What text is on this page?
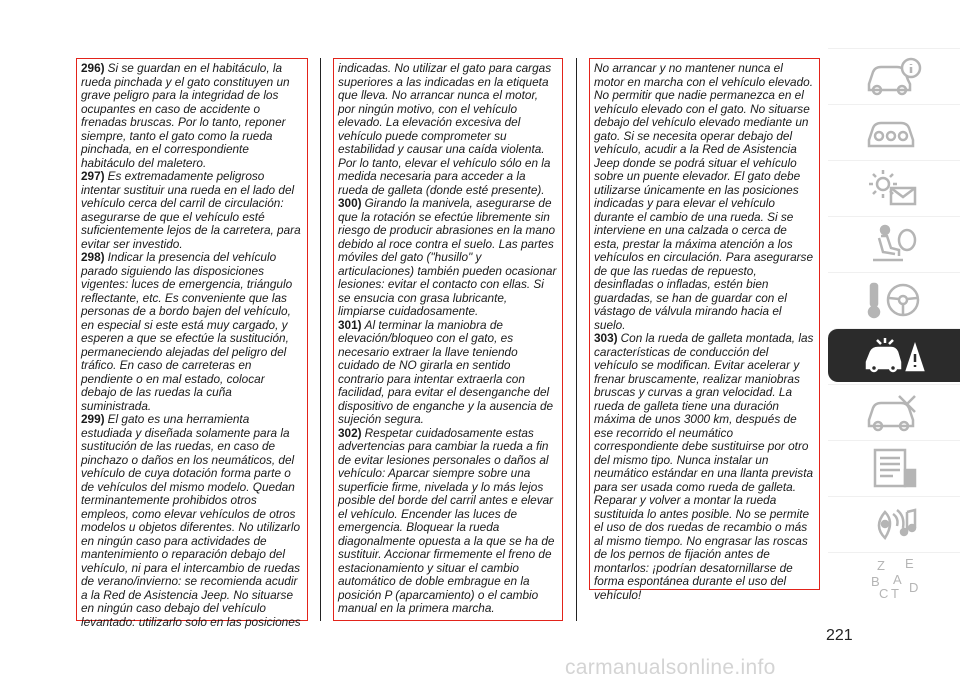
296) Si se guardan en el habitáculo, la rueda pinchada y el gato constituyen un grave peligro para la integridad de los ocupantes en caso de accidente o frenadas bruscas. Por lo tanto, reponer siempre, tanto el gato como la rueda pinchada, en el correspondiente habitáculo del maletero.

297) Es extremadamente peligroso intentar sustituir una rueda en el lado del vehículo cerca del carril de circulación: asegurarse de que el vehículo esté suficientemente lejos de la carretera, para evitar ser investido.

298) Indicar la presencia del vehículo parado siguiendo las disposiciones vigentes: luces de emergencia, triángulo reflectante, etc. Es conveniente que las personas de a bordo bajen del vehículo, en especial si este está muy cargado, y esperen a que se efectúe la sustitución, permaneciendo alejadas del peligro del tráfico. En caso de carreteras en pendiente o en mal estado, colocar debajo de las ruedas la cuña suministrada.

299) El gato es una herramienta estudiada y diseñada solamente para la sustitución de las ruedas, en caso de pinchazo o daños en los neumáticos, del vehículo de cuya dotación forma parte o de vehículos del mismo modelo. Quedan terminantemente prohibidos otros empleos, como elevar vehículos de otros modelos u objetos diferentes. No utilizarlo en ningún caso para actividades de mantenimiento o reparación debajo del vehículo, ni para el intercambio de ruedas de verano/invierno: se recomienda acudir a la Red de Asistencia Jeep. No situarse en ningún caso debajo del vehículo levantado: utilizarlo solo en las posiciones

indicadas. No utilizar el gato para cargas superiores a las indicadas en la etiqueta que lleva. No arrancar nunca el motor, por ningún motivo, con el vehículo elevado. La elevación excesiva del vehículo puede comprometer su estabilidad y causar una caída violenta. Por lo tanto, elevar el vehículo sólo en la medida necesaria para acceder a la rueda de galleta (donde esté presente).

300) Girando la manivela, asegurarse de que la rotación se efectúe libremente sin riesgo de producir abrasiones en la mano debido al roce contra el suelo. Las partes móviles del gato ("husillo" y articulaciones) también pueden ocasionar lesiones: evitar el contacto con ellas. Si se ensucia con grasa lubricante, limpiarse cuidadosamente.

301) Al terminar la maniobra de elevación/bloqueo con el gato, es necesario extraer la llave teniendo cuidado de NO girarla en sentido contrario para intentar extraerla con facilidad, para evitar el desenganche del dispositivo de enganche y la ausencia de sujeción segura.

302) Respetar cuidadosamente estas advertencias para cambiar la rueda a fin de evitar lesiones personales o daños al vehículo: Aparcar siempre sobre una superficie firme, nivelada y lo más lejos posible del borde del carril antes e elevar el vehículo. Encender las luces de emergencia. Bloquear la rueda diagonalmente opuesta a la que se ha de sustituir. Accionar firmemente el freno de estacionamiento y situar el cambio automático de doble embrague en la posición P (aparcamiento) o el cambio manual en la primera marcha.

No arrancar y no mantener nunca el motor en marcha con el vehículo elevado. No permitir que nadie permanezca en el vehículo elevado con el gato. No situarse debajo del vehículo elevado mediante un gato. Si se necesita operar debajo del vehículo, acudir a la Red de Asistencia Jeep donde se podrá situar el vehículo sobre un puente elevador. El gato debe utilizarse únicamente en las posiciones indicadas y para elevar el vehículo durante el cambio de una rueda. Si se interviene en una calzada o cerca de esta, prestar la máxima atención a los vehículos en circulación. Para asegurarse de que las ruedas de repuesto, desinfladas o infladas, estén bien guardadas, se han de guardar con el vástago de válvula mirando hacia el suelo.

303) Con la rueda de galleta montada, las características de conducción del vehículo se modifican. Evitar acelerar y frenar bruscamente, realizar maniobras bruscas y curvas a gran velocidad. La rueda de galleta tiene una duración máxima de unos 3000 km, después de ese recorrido el neumático correspondiente debe sustituirse por otro del mismo tipo. Nunca instalar un neumático estándar en una llanta prevista para ser usada como rueda de galleta. Reparar y volver a montar la rueda sustituida lo antes posible. No se permite el uso de dos ruedas de recambio o más al mismo tiempo. No engrasar las roscas de los pernos de fijación antes de montarlos: ¡podrían desatornillarse de forma espontánea durante el uso del vehículo!

Z E
B A
C T D
221
carmanualsonline.info
